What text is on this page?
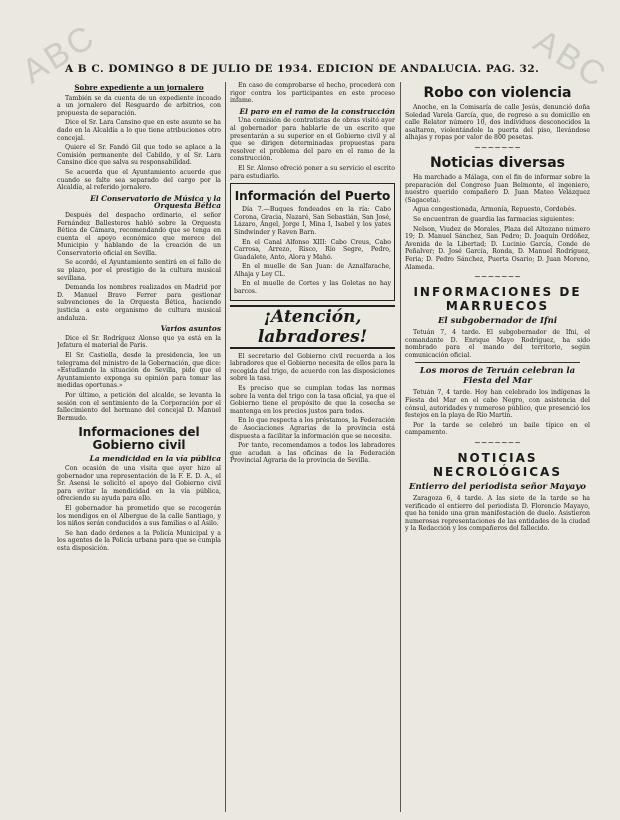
ABC	ABC
A B C. DOMINGO 8 DE JULIO DE 1934. EDICION DE ANDALUCIA. PAG. 32.
Sobre expediente a un jornalero

También se da cuenta de un expediente incoado a un jornalero del Resguardo de arbitrios, con propuesta de separación.

Dice el Sr. Lara Cansino que en este asunto se ha dado en la Alcaldía a lo que tiene atribuciones otro concejal.

Quiere el Sr. Fandó Gil que todo se aplace a la Comisión permanente del Cabildo, y el Sr. Lara Cansino dice que salva su responsabilidad.

Se acuerda que el Ayuntamiento acuerde que cuando se falte sea separado del cargo por la Alcaldía, al referido jornalero.

El Conservatorio de Música y la Orquesta Bética

Después del despacho ordinario, el señor Fernández Ballesteros habló sobre la Orquesta Bética de Cámara, recomendando que se tenga en cuenta el apoyo económico que merece del Municipio y hablando de la creación de un Conservatorio oficial en Sevilla.

Se acordó, el Ayuntamiento sentirá en el fallo de su plazo, por el prestigio de la cultura musical sevillana.

Demanda los nombres realizados en Madrid por D. Manuel Bravo Ferrer para gestionar subvenciones de la Orquesta Bética, haciendo justicia a este organismo de cultura musical andaluza.

Varios asuntos

Dice el Sr. Rodríguez Alonso que ya está en la Jefatura el material de París.

El Sr. Castiella, desde la presidencia, lee un telegrama del ministro de la Gobernación, que dice: «Estudiando la situación de Sevilla, pide que el Ayuntamiento exponga su opinión para tomar las medidas oportunas.»

Por último, a petición del alcalde, se levanta la sesión con el sentimiento de la Corporación por el fallecimiento del hermano del concejal D. Manuel Bermudo.

Informaciones del Gobierno civil
La mendicidad en la vía pública

Con ocasión de una visita que ayer hizo al gobernador una representación de la F. E. D. A., el Sr. Asensi le solicitó el apoyo del Gobierno civil para evitar la mendicidad en la vía pública, ofreciendo su ayuda para ello.

El gobernador ha prometido que se recogerán los mendigos en el Albergue de la calle Santiago, y los niños serán conducidos a sus familias o al Asilo.

Se han dado órdenes a la Policía Municipal y a los agentes de la Policía urbana para que se cumpla esta disposición.

En caso de comprobarse el hecho, procederá con rigor contra los participantes en este proceso infame.

El paro en el ramo de la construcción

Una comisión de contratistas de obras visitó ayer al gobernador para hablarle de un escrito que presentarán a su superior en el Gobierno civil y al que se dirigen determinadas propuestas para resolver el problema del paro en el ramo de la construcción.

El Sr. Alonso ofreció poner a su servicio el escrito para estudiarlo.

Información del Puerto

Día 7.—Buques fondeados en la ría: Cabo Corona, Gracia, Nazaré, San Sebastián, San José, Lázaro, Ángel, Jorge I, Mina I, Isabel y los yates Sindwinder y Raven Barn.

En el Canal Alfonso XIII: Cabo Creus, Cabo Carrosa, Arrezo, Risco, Río Segre, Pedro, Guadalete, Anto, Alora y Mahó.

En el muelle de San Juan: de Aznalfarache, Alhaja y Ley CL.

En el muelle de Cortes y las Goletas no hay barcos.

¡Atención, labradores!

El secretario del Gobierno civil recuerda a los labradores que el Gobierno necesita de ellos para la recogida del trigo, de acuerdo con las disposiciones sobre la tasa.

Es preciso que se cumplan todas las normas sobre la venta del trigo con la tasa oficial, ya que el Gobierno tiene el propósito de que la cosecha se mantenga en los precios justos para todos.

En lo que respecta a los préstamos, la Federación de Asociaciones Agrarias de la provincia está dispuesta a facilitar la información que se necesite.

Por tanto, recomendamos a todos los labradores que acudan a las oficinas de la Federación Provincial Agraria de la provincia de Sevilla.

Robo con violencia

Anoche, en la Comisaría de calle Jesús, denunció doña Soledad Varela García, que, de regreso a su domicilio en calle Relator número 10, dos individuos desconocidos la asaltaron, violentándole la puerta del piso, llevándose alhajas y ropas por valor de 800 pesetas.

~~~~~~~
Noticias diversas

Ha marchado a Málaga, con el fin de informar sobre la preparación del Congreso Juan Belmonte, el ingeniero, nuestro querido compañero D. Juan Mateo Velázquez (Sagaceta).

Agua congestionada, Armonía, Repuesto, Cordobés.

Se encuentran de guardia las farmacias siguientes:

Nelson, Viudez de Morales, Plaza del Altozano número 19; D. Manuel Sánchez, San Pedro; D. Joaquín Ordóñez, Avenida de la Libertad; D. Lucinio García, Conde de Peñalver; D. José García, Ronda, D. Manuel Rodríguez, Feria; D. Pedro Sánchez, Puerta Osario; D. Juan Moreno, Alameda.

~~~~~~~
INFORMACIONES DE MARRUECOS
El subgobernador de Ifni

Tetuán 7, 4 tarde. El subgobernador de Ifni, el comandante D. Enrique Mayo Rodríguez, ha sido nombrado para el mando del territorio, según comunicación oficial.

Los moros de Teruán celebran la Fiesta del Mar

Tetuán 7, 4 tarde. Hoy han celebrado los indígenas la Fiesta del Mar en el cabo Negro, con asistencia del cónsul, autoridades y numeroso público, que presenció los festejos en la playa de Río Martín.

Por la tarde se celebró un baile típico en el campamento.

~~~~~~~
NOTICIAS NECROLÓGICAS
Entierro del periodista señor Mayayo

Zaragoza 6, 4 tarde. A las siete de la tarde se ha verificado el entierro del periodista D. Florencio Mayayo, que ha tenido una gran manifestación de duelo. Asistieron numerosas representaciones de las entidades de la ciudad y la Redacción y los compañeros del fallecido.
